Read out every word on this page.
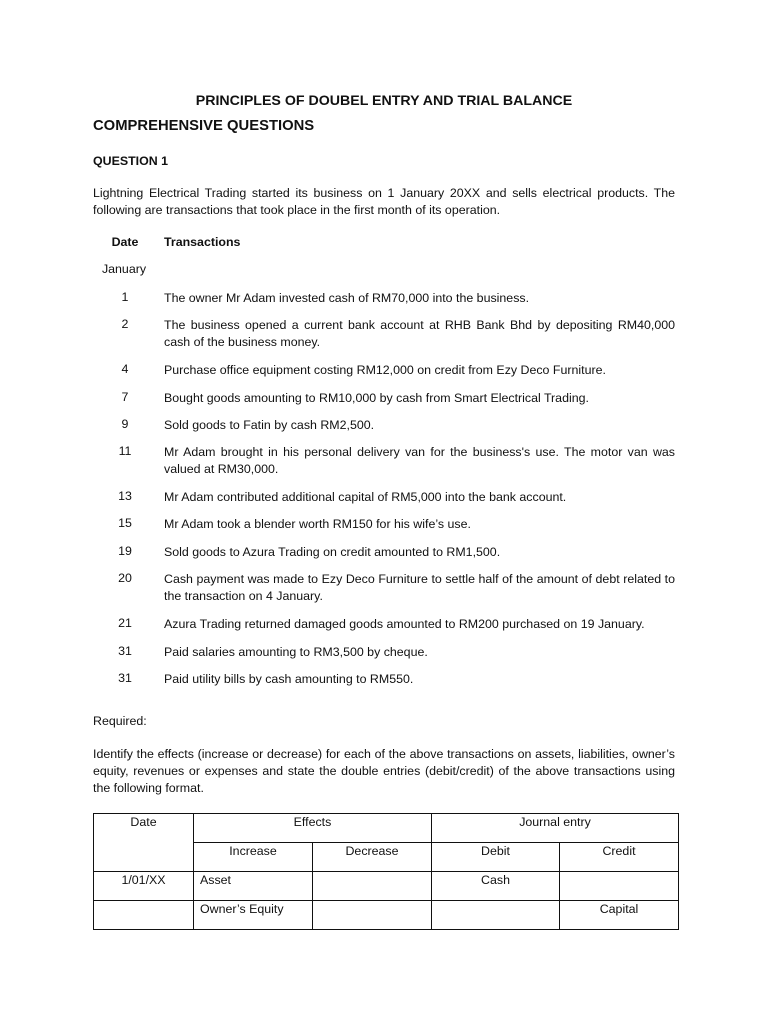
PRINCIPLES OF DOUBEL ENTRY AND TRIAL BALANCE
COMPREHENSIVE QUESTIONS
QUESTION 1
Lightning Electrical Trading started its business on 1 January 20XX and sells electrical products. The following are transactions that took place in the first month of its operation.
Date	Transactions
January
1	The owner Mr Adam invested cash of RM70,000 into the business.
2	The business opened a current bank account at RHB Bank Bhd by depositing RM40,000 cash of the business money.
4	Purchase office equipment costing RM12,000 on credit from Ezy Deco Furniture.
7	Bought goods amounting to RM10,000 by cash from Smart Electrical Trading.
9	Sold goods to Fatin by cash RM2,500.
11	Mr Adam brought in his personal delivery van for the business's use. The motor van was valued at RM30,000.
13	Mr Adam contributed additional capital of RM5,000 into the bank account.
15	Mr Adam took a blender worth RM150 for his wife’s use.
19	Sold goods to Azura Trading on credit amounted to RM1,500.
20	Cash payment was made to Ezy Deco Furniture to settle half of the amount of debt related to the transaction on 4 January.
21	Azura Trading returned damaged goods amounted to RM200 purchased on 19 January.
31	Paid salaries amounting to RM3,500 by cheque.
31	Paid utility bills by cash amounting to RM550.
Required:
Identify the effects (increase or decrease) for each of the above transactions on assets, liabilities, owner’s equity, revenues or expenses and state the double entries (debit/credit) of the above transactions using the following format.
Date	Effects		Journal entry	
	Increase	Decrease	Debit	Credit
1/01/XX	Asset		Cash	
	Owner’s Equity			Capital
